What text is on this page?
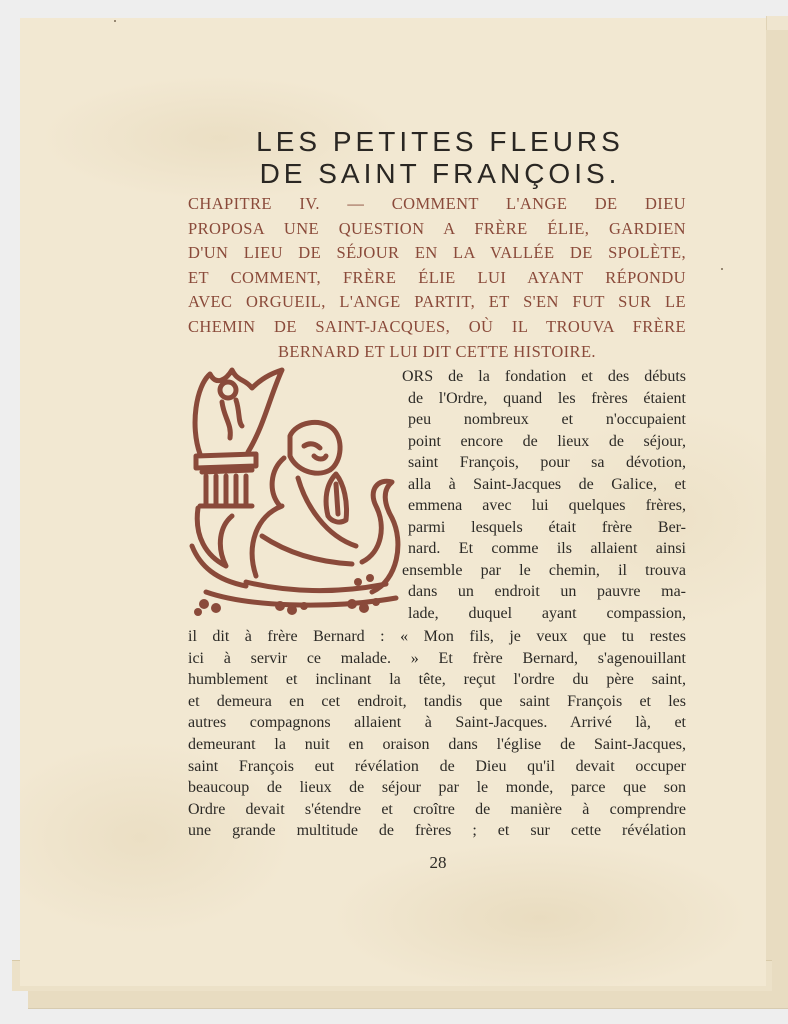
LES PETITES FLEURS
DE SAINT FRANÇOIS.
CHAPITRE IV. — COMMENT L'ANGE DE DIEU
PROPOSA UNE QUESTION A FRÈRE ÉLIE, GARDIEN
D'UN LIEU DE SÉJOUR EN LA VALLÉE DE SPOLÈTE,
ET COMMENT, FRÈRE ÉLIE LUI AYANT RÉPONDU
AVEC ORGUEIL, L'ANGE PARTIT, ET S'EN FUT SUR LE
CHEMIN DE SAINT-JACQUES, OÙ IL TROUVA FRÈRE
BERNARD ET LUI DIT CETTE HISTOIRE.
ORS de la fondation et des débuts
de l'Ordre, quand les frères étaient
peu nombreux et n'occupaient
point encore de lieux de séjour,
saint François, pour sa dévotion,
alla à Saint-Jacques de Galice, et
emmena avec lui quelques frères,
parmi lesquels était frère Ber-
nard. Et comme ils allaient ainsi
ensemble par le chemin, il trouva
dans un endroit un pauvre ma-
lade, duquel ayant compassion,
il dit à frère Bernard : « Mon fils, je veux que tu restes
ici à servir ce malade. » Et frère Bernard, s'agenouillant
humblement et inclinant la tête, reçut l'ordre du père saint,
et demeura en cet endroit, tandis que saint François et les
autres compagnons allaient à Saint-Jacques. Arrivé là, et
demeurant la nuit en oraison dans l'église de Saint-Jacques,
saint François eut révélation de Dieu qu'il devait occuper
beaucoup de lieux de séjour par le monde, parce que son
Ordre devait s'étendre et croître de manière à comprendre
une grande multitude de frères ; et sur cette révélation
28
